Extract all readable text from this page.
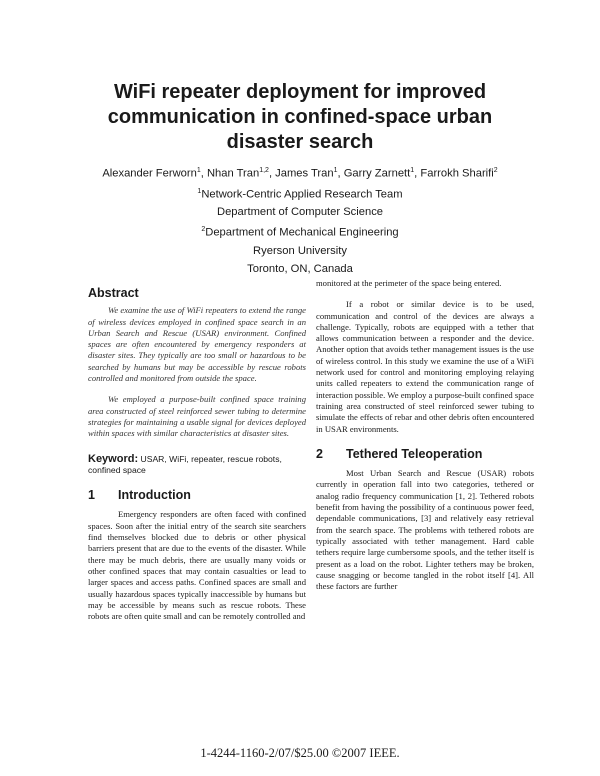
WiFi repeater deployment for improved
communication in confined-space urban
disaster search
Alexander Ferworn$^1$, Nhan Tran$^{1,2}$, James Tran$^1$, Garry Zarnett$^1$, Farrokh Sharifi$^2$
$^1$Network-Centric Applied Research Team
Department of Computer Science
$^2$Department of Mechanical Engineering
Ryerson University
Toronto, ON, Canada
Abstract

We examine the use of WiFi repeaters to extend the range of wireless devices employed in confined space search in an Urban Search and Rescue (USAR) environment. Confined spaces are often encountered by emergency responders at disaster sites. They typically are too small or hazardous to be searched by humans but may be accessible by rescue robots controlled and monitored from outside the space.

We employed a purpose-built confined space training area constructed of steel reinforced sewer tubing to determine strategies for maintaining a usable signal for devices deployed within spaces with similar characteristics at disaster sites.

Keyword: USAR, WiFi, repeater, rescue robots, confined space
1	Introduction

Emergency responders are often faced with confined spaces. Soon after the initial entry of the search site searchers find themselves blocked due to debris or other physical barriers present that are due to the events of the disaster. While there may be much debris, there are usually many voids or other confined spaces that may contain casualties or lead to larger spaces and access paths. Confined spaces are small and usually hazardous spaces typically inaccessible by humans but may be accessible by means such as rescue robots. These robots are often quite small and can be remotely controlled and

monitored at the perimeter of the space being entered.

If a robot or similar device is to be used, communication and control of the devices are always a challenge. Typically, robots are equipped with a tether that allows communication between a responder and the device. Another option that avoids tether management issues is the use of wireless control. In this study we examine the use of a WiFi network used for control and monitoring employing relaying units called repeaters to extend the communication range of interaction possible. We employ a purpose-built confined space training area constructed of steel reinforced sewer tubing to simulate the effects of rebar and other debris often encountered in USAR environments.

2	Tethered Teleoperation

Most Urban Search and Rescue (USAR) robots currently in operation fall into two categories, tethered or analog radio frequency communication [1, 2]. Tethered robots benefit from having the possibility of a continuous power feed, dependable communications, [3] and relatively easy retrieval from the search space. The problems with tethered robots are typically associated with tether management. Hard cable tethers require large cumbersome spools, and the tether itself is present as a load on the robot. Lighter tethers may be broken, cause snagging or become tangled in the robot itself [4]. All these factors are further

1-4244-1160-2/07/$25.00 ©2007 IEEE.
